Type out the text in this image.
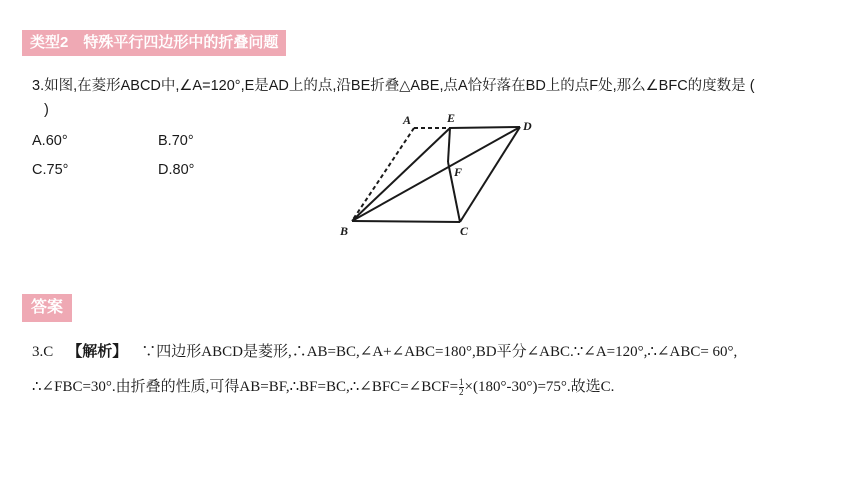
类型2　特殊平行四边形中的折叠问题
3.如图,在菱形ABCD中,∠A=120°,E是AD上的点,沿BE折叠△ABE,点A恰好落在BD上的点F处,那么∠BFC的度数是 (
)
A.60°	B.70°
C.75°	D.80°
A	E
D
F
B	C
答案
3.C 【解析】 ∵四边形ABCD是菱形,∴AB=BC,∠A+∠ABC=180°,BD平分∠ABC.∵∠A=120°,∴∠ABC= 60°,
∴∠FBC=30°.由折叠的性质,可得AB=BF,∴BF=BC,∴∠BFC=∠BCF= $\frac{1}{2} \times(180^\circ-30^\circ)=75^\circ$.故选C.
